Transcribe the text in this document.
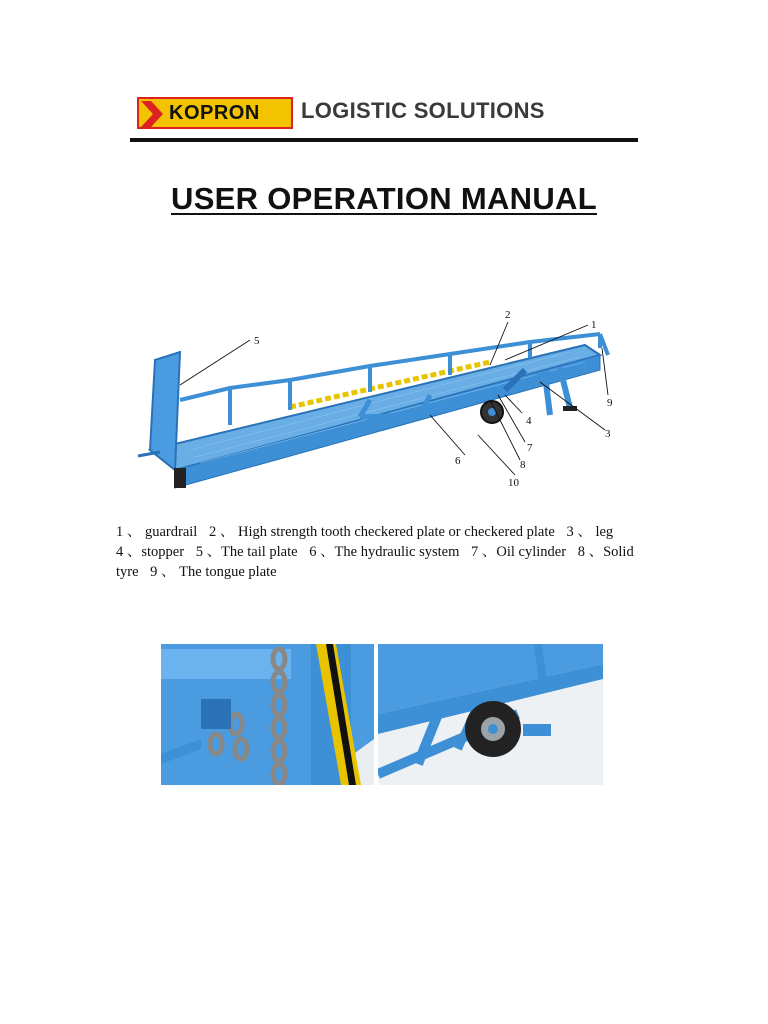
KOPRON LOGISTIC SOLUTIONS
USER OPERATION MANUAL
5
2
1
9
3
4
7
6	8
10
1 、 guardrail 2 、 High strength tooth checkered plate or checkered plate 3 、 leg
4 、stopper 5 、The tail plate 6 、The hydraulic system 7 、Oil cylinder 8 、Solid
tyre 9 、 The tongue plate
